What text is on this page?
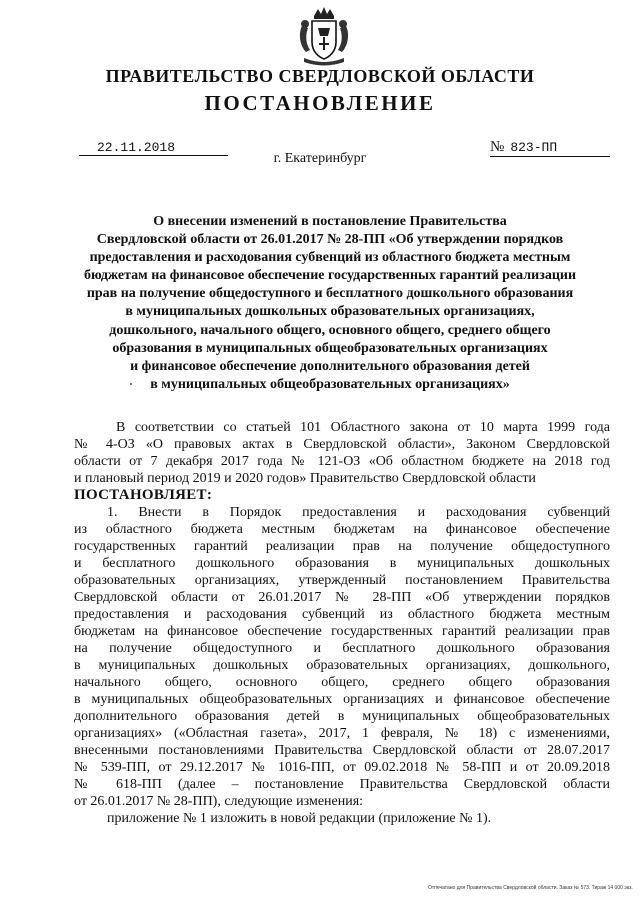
ПРАВИТЕЛЬСТВО СВЕРДЛОВСКОЙ ОБЛАСТИ
ПОСТАНОВЛЕНИЕ
22.11.2018	№ 823-ПП
г. Екатеринбург
О внесении изменений в постановление Правительства
Свердловской области от 26.01.2017 № 28-ПП «Об утверждении порядков
предоставления и расходования субвенций из областного бюджета местным
бюджетам на финансовое обеспечение государственных гарантий реализации
прав на получение общедоступного и бесплатного дошкольного образования
в муниципальных дошкольных образовательных организациях,
дошкольного, начального общего, основного общего, среднего общего
образования в муниципальных общеобразовательных организациях
и финансовое обеспечение дополнительного образования детей
в муниципальных общеобразовательных организациях»
В соответствии со статьей 101 Областного закона от 10 марта 1999 года
№ 4-ОЗ «О правовых актах в Свердловской области», Законом Свердловской
области от 7 декабря 2017 года № 121-ОЗ «Об областном бюджете на 2018 год
и плановый период 2019 и 2020 годов» Правительство Свердловской области
ПОСТАНОВЛЯЕТ:
1. Внести в Порядок предоставления и расходования субвенций
из областного бюджета местным бюджетам на финансовое обеспечение
государственных гарантий реализации прав на получение общедоступного
и бесплатного дошкольного образования в муниципальных дошкольных
образовательных организациях, утвержденный постановлением Правительства
Свердловской области от 26.01.2017 № 28-ПП «Об утверждении порядков
предоставления и расходования субвенций из областного бюджета местным
бюджетам на финансовое обеспечение государственных гарантий реализации прав
на получение общедоступного и бесплатного дошкольного образования
в муниципальных дошкольных образовательных организациях, дошкольного,
начального общего, основного общего, среднего общего образования
в муниципальных общеобразовательных организациях и финансовое обеспечение
дополнительного образования детей в муниципальных общеобразовательных
организациях» («Областная газета», 2017, 1 февраля, № 18) с изменениями,
внесенными постановлениями Правительства Свердловской области от 28.07.2017
№ 539-ПП, от 29.12.2017 № 1016-ПП, от 09.02.2018 № 58-ПП и от 20.09.2018
№ 618-ПП (далее – постановление Правительства Свердловской области
от 26.01.2017 № 28-ПП), следующие изменения:
приложение № 1 изложить в новой редакции (приложение № 1).
Отпечатано для Правительства Свердловской области. Заказ № 573. Тираж 14 000 экз.
